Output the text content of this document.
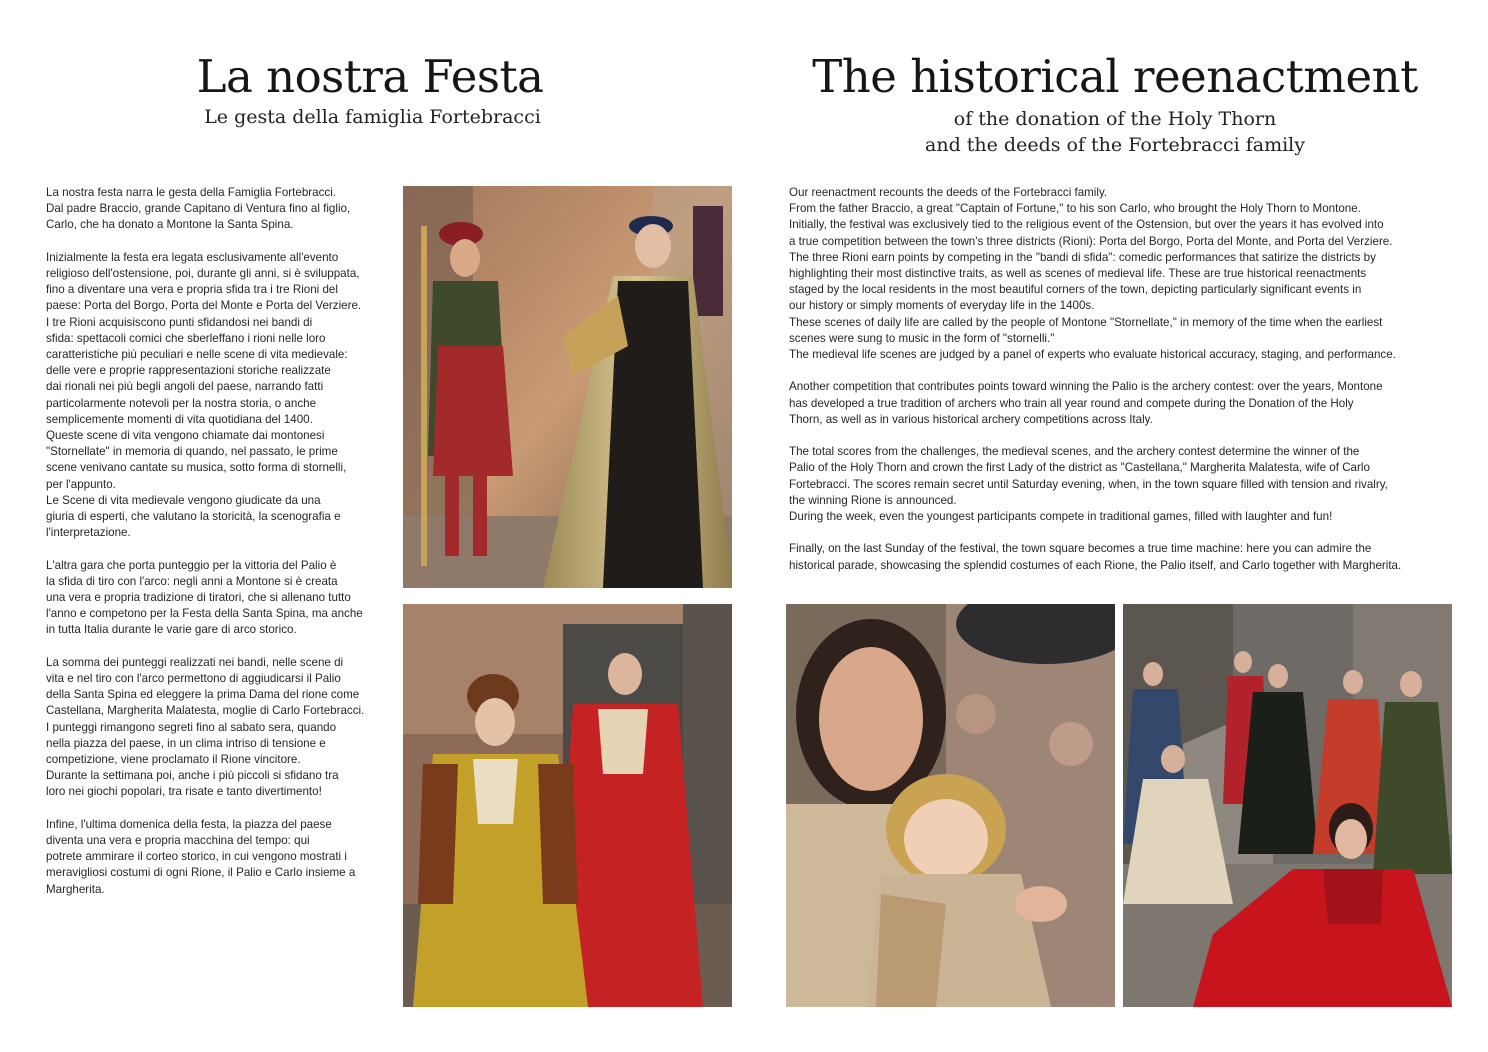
La nostra Festa
Le gesta della famiglia Fortebracci
La nostra festa narra le gesta della Famiglia Fortebracci.
Dal padre Braccio, grande Capitano di Ventura fino al figlio,
Carlo, che ha donato a Montone la Santa Spina.
Inizialmente la festa era legata esclusivamente all'evento
religioso dell'ostensione, poi, durante gli anni, si è sviluppata,
fino a diventare una vera e propria sfida tra i tre Rioni del
paese: Porta del Borgo, Porta del Monte e Porta del Verziere.
I tre Rioni acquisiscono punti sfidandosi nei bandi di
sfida: spettacoli comici che sberleffano i rioni nelle loro
caratteristiche più peculiari e nelle scene di vita medievale:
delle vere e proprie rappresentazioni storiche realizzate
dai rionali nei più begli angoli del paese, narrando fatti
particolarmente notevoli per la nostra storia, o anche
semplicemente momenti di vita quotidiana del 1400.
Queste scene di vita vengono chiamate dai montonesi
"Stornellate" in memoria di quando, nel passato, le prime
scene venivano cantate su musica, sotto forma di stornelli,
per l'appunto.
Le Scene di vita medievale vengono giudicate da una
giuria di esperti, che valutano la storicità, la scenografia e
l'interpretazione.
L'altra gara che porta punteggio per la vittoria del Palio è
la sfida di tiro con l'arco: negli anni a Montone si è creata
una vera e propria tradizione di tiratori, che si allenano tutto
l'anno e competono per la Festa della Santa Spina, ma anche
in tutta Italia durante le varie gare di arco storico.
La somma dei punteggi realizzati nei bandi, nelle scene di
vita e nel tiro con l'arco permettono di aggiudicarsi il Palio
della Santa Spina ed eleggere la prima Dama del rione come
Castellana, Margherita Malatesta, moglie di Carlo Fortebracci.
I punteggi rimangono segreti fino al sabato sera, quando
nella piazza del paese, in un clima intriso di tensione e
competizione, viene proclamato il Rione vincitore.
Durante la settimana poi, anche i più piccoli si sfidano tra
loro nei giochi popolari, tra risate e tanto divertimento!
Infine, l'ultima domenica della festa, la piazza del paese
diventa una vera e propria macchina del tempo: qui
potrete ammirare il corteo storico, in cui vengono mostrati i
meravigliosi costumi di ogni Rione, il Palio e Carlo insieme a
Margherita.
The historical reenactment
of the donation of the Holy Thorn
and the deeds of the Fortebracci family
Our reenactment recounts the deeds of the Fortebracci family.
From the father Braccio, a great "Captain of Fortune," to his son Carlo, who brought the Holy Thorn to Montone.
Initially, the festival was exclusively tied to the religious event of the Ostension, but over the years it has evolved into
a true competition between the town's three districts (Rioni): Porta del Borgo, Porta del Monte, and Porta del Verziere.
The three Rioni earn points by competing in the "bandi di sfida": comedic performances that satirize the districts by
highlighting their most distinctive traits, as well as scenes of medieval life. These are true historical reenactments
staged by the local residents in the most beautiful corners of the town, depicting particularly significant events in
our history or simply moments of everyday life in the 1400s.
These scenes of daily life are called by the people of Montone "Stornellate," in memory of the time when the earliest
scenes were sung to music in the form of "stornelli."
The medieval life scenes are judged by a panel of experts who evaluate historical accuracy, staging, and performance.
Another competition that contributes points toward winning the Palio is the archery contest: over the years, Montone
has developed a true tradition of archers who train all year round and compete during the Donation of the Holy
Thorn, as well as in various historical archery competitions across Italy.
The total scores from the challenges, the medieval scenes, and the archery contest determine the winner of the
Palio of the Holy Thorn and crown the first Lady of the district as "Castellana," Margherita Malatesta, wife of Carlo
Fortebracci. The scores remain secret until Saturday evening, when, in the town square filled with tension and rivalry,
the winning Rione is announced.
During the week, even the youngest participants compete in traditional games, filled with laughter and fun!
Finally, on the last Sunday of the festival, the town square becomes a true time machine: here you can admire the
historical parade, showcasing the splendid costumes of each Rione, the Palio itself, and Carlo together with Margherita.
